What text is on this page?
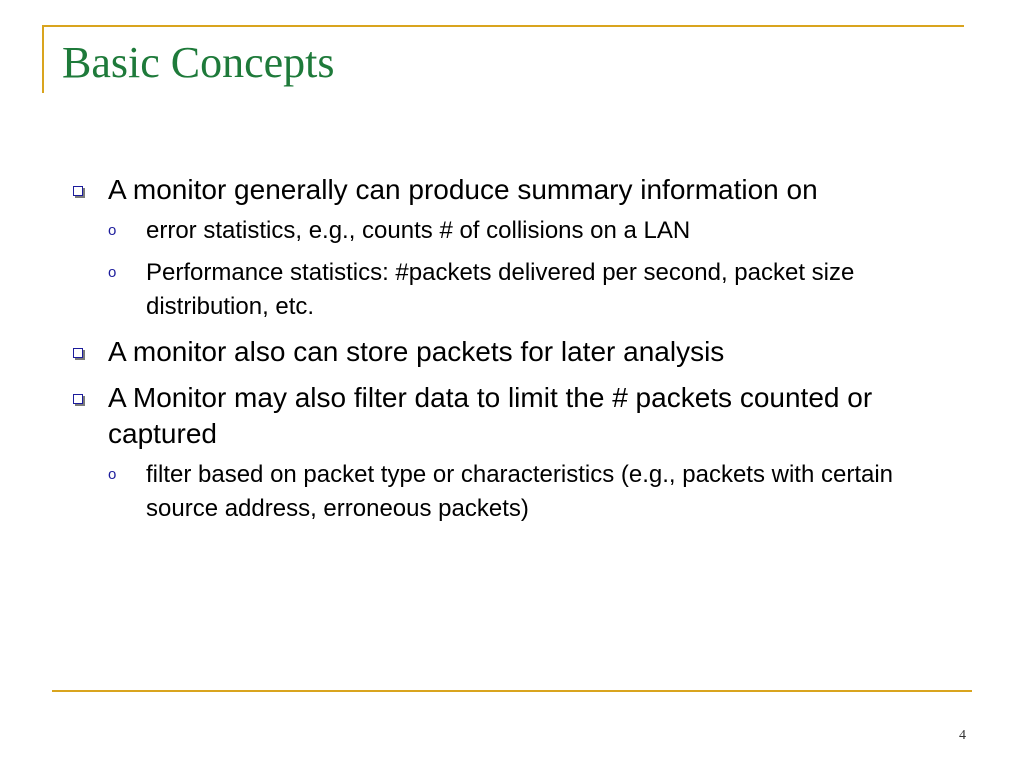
Basic Concepts
A monitor generally can produce summary information on
o	error statistics, e.g., counts # of collisions on a LAN
o	Performance statistics: #packets delivered per second, packet size distribution, etc.
A monitor also can store packets for later analysis
A Monitor may also filter data to limit the # packets counted or captured
o	filter based on packet type or characteristics (e.g., packets with certain source address, erroneous packets)
4
